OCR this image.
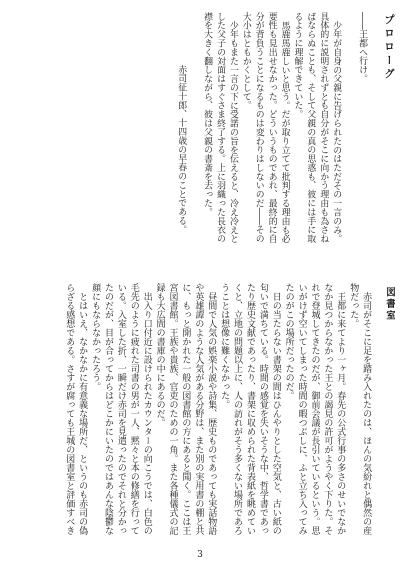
プロローグ

――王都へ行け。

少年が自身の父親に告げられたのはただその一言のみ。具体的に説明されずとも自分がそこに向かう理由も為さねばならぬことも、そして父親の真の思惑も、彼には手に取るように理解できていた。

馬鹿馬鹿しいと思う。だが取り立てて批判する理由も必要性も見出せなかった。どういうものであれ、最終的に自分が背負うことになるものは変わりはしないのだ――その大小はともかくとして。

少年もまた一言の下に受諾の旨を伝えると、冷え冷えとした父子の対面はすぐさま終了する。上に羽織った長衣の襟を大きく翻しながら、彼は父親の書斎を去った。

赤司征十郎、十四歳の早春のことである。

図書室

赤司がそこに足を踏み入れたのは、ほんの気紛れと偶然の産物だった。

王都に来てより一ヶ月。春先の公式行事の多さのせいでなかなか見つからなかった王との謁見の許可がようやく下りた。それで登城してきたのだが、御前会議が長引いているという。思いがけず空いてしまった時間の暇つぶしに、ふと立ち入ってみたのがこの場所だったのだ。

日の当たらない書架の間はひんやりとした空気と、古い紙の匂いで満ちている。時間の感覚を失いそうな中、哲学書であったり歴史文献であったり、書架に収められた背表紙を眺めていくと、立地の問題以上に、人の訪れがそう多くない場所であろうことは想像に難くなかった。

昼間で人気の娯楽小説や詩集、歴史ものであっても実話物語や英雄譚のような人気がある分野は、また別の実用書の棚と共に、もっと開かれた一般の図書館の方にあると聞く。ここは王宮図書館。王族や貴族、官吏のための一角。また各種儀式の記録も大広間の書庫の中にあるのだ。

出入り口付近に設けられたカウンターの向こうでは、白色の毛先のように疲れた司書の男が一人、黙々と本の修繕を行っている。入室した折、一瞬だけ赤司を見遣ったのでそれと分かったのだが、目が合ってからはどこかにいたのではあんな陰鬱な顔にもならなかったろう。

とはいえ、なかなかに有意義な場所だ、というのも赤司の偽らざる感想である。さすが腐っても王城の図書室と評価すべき

3
